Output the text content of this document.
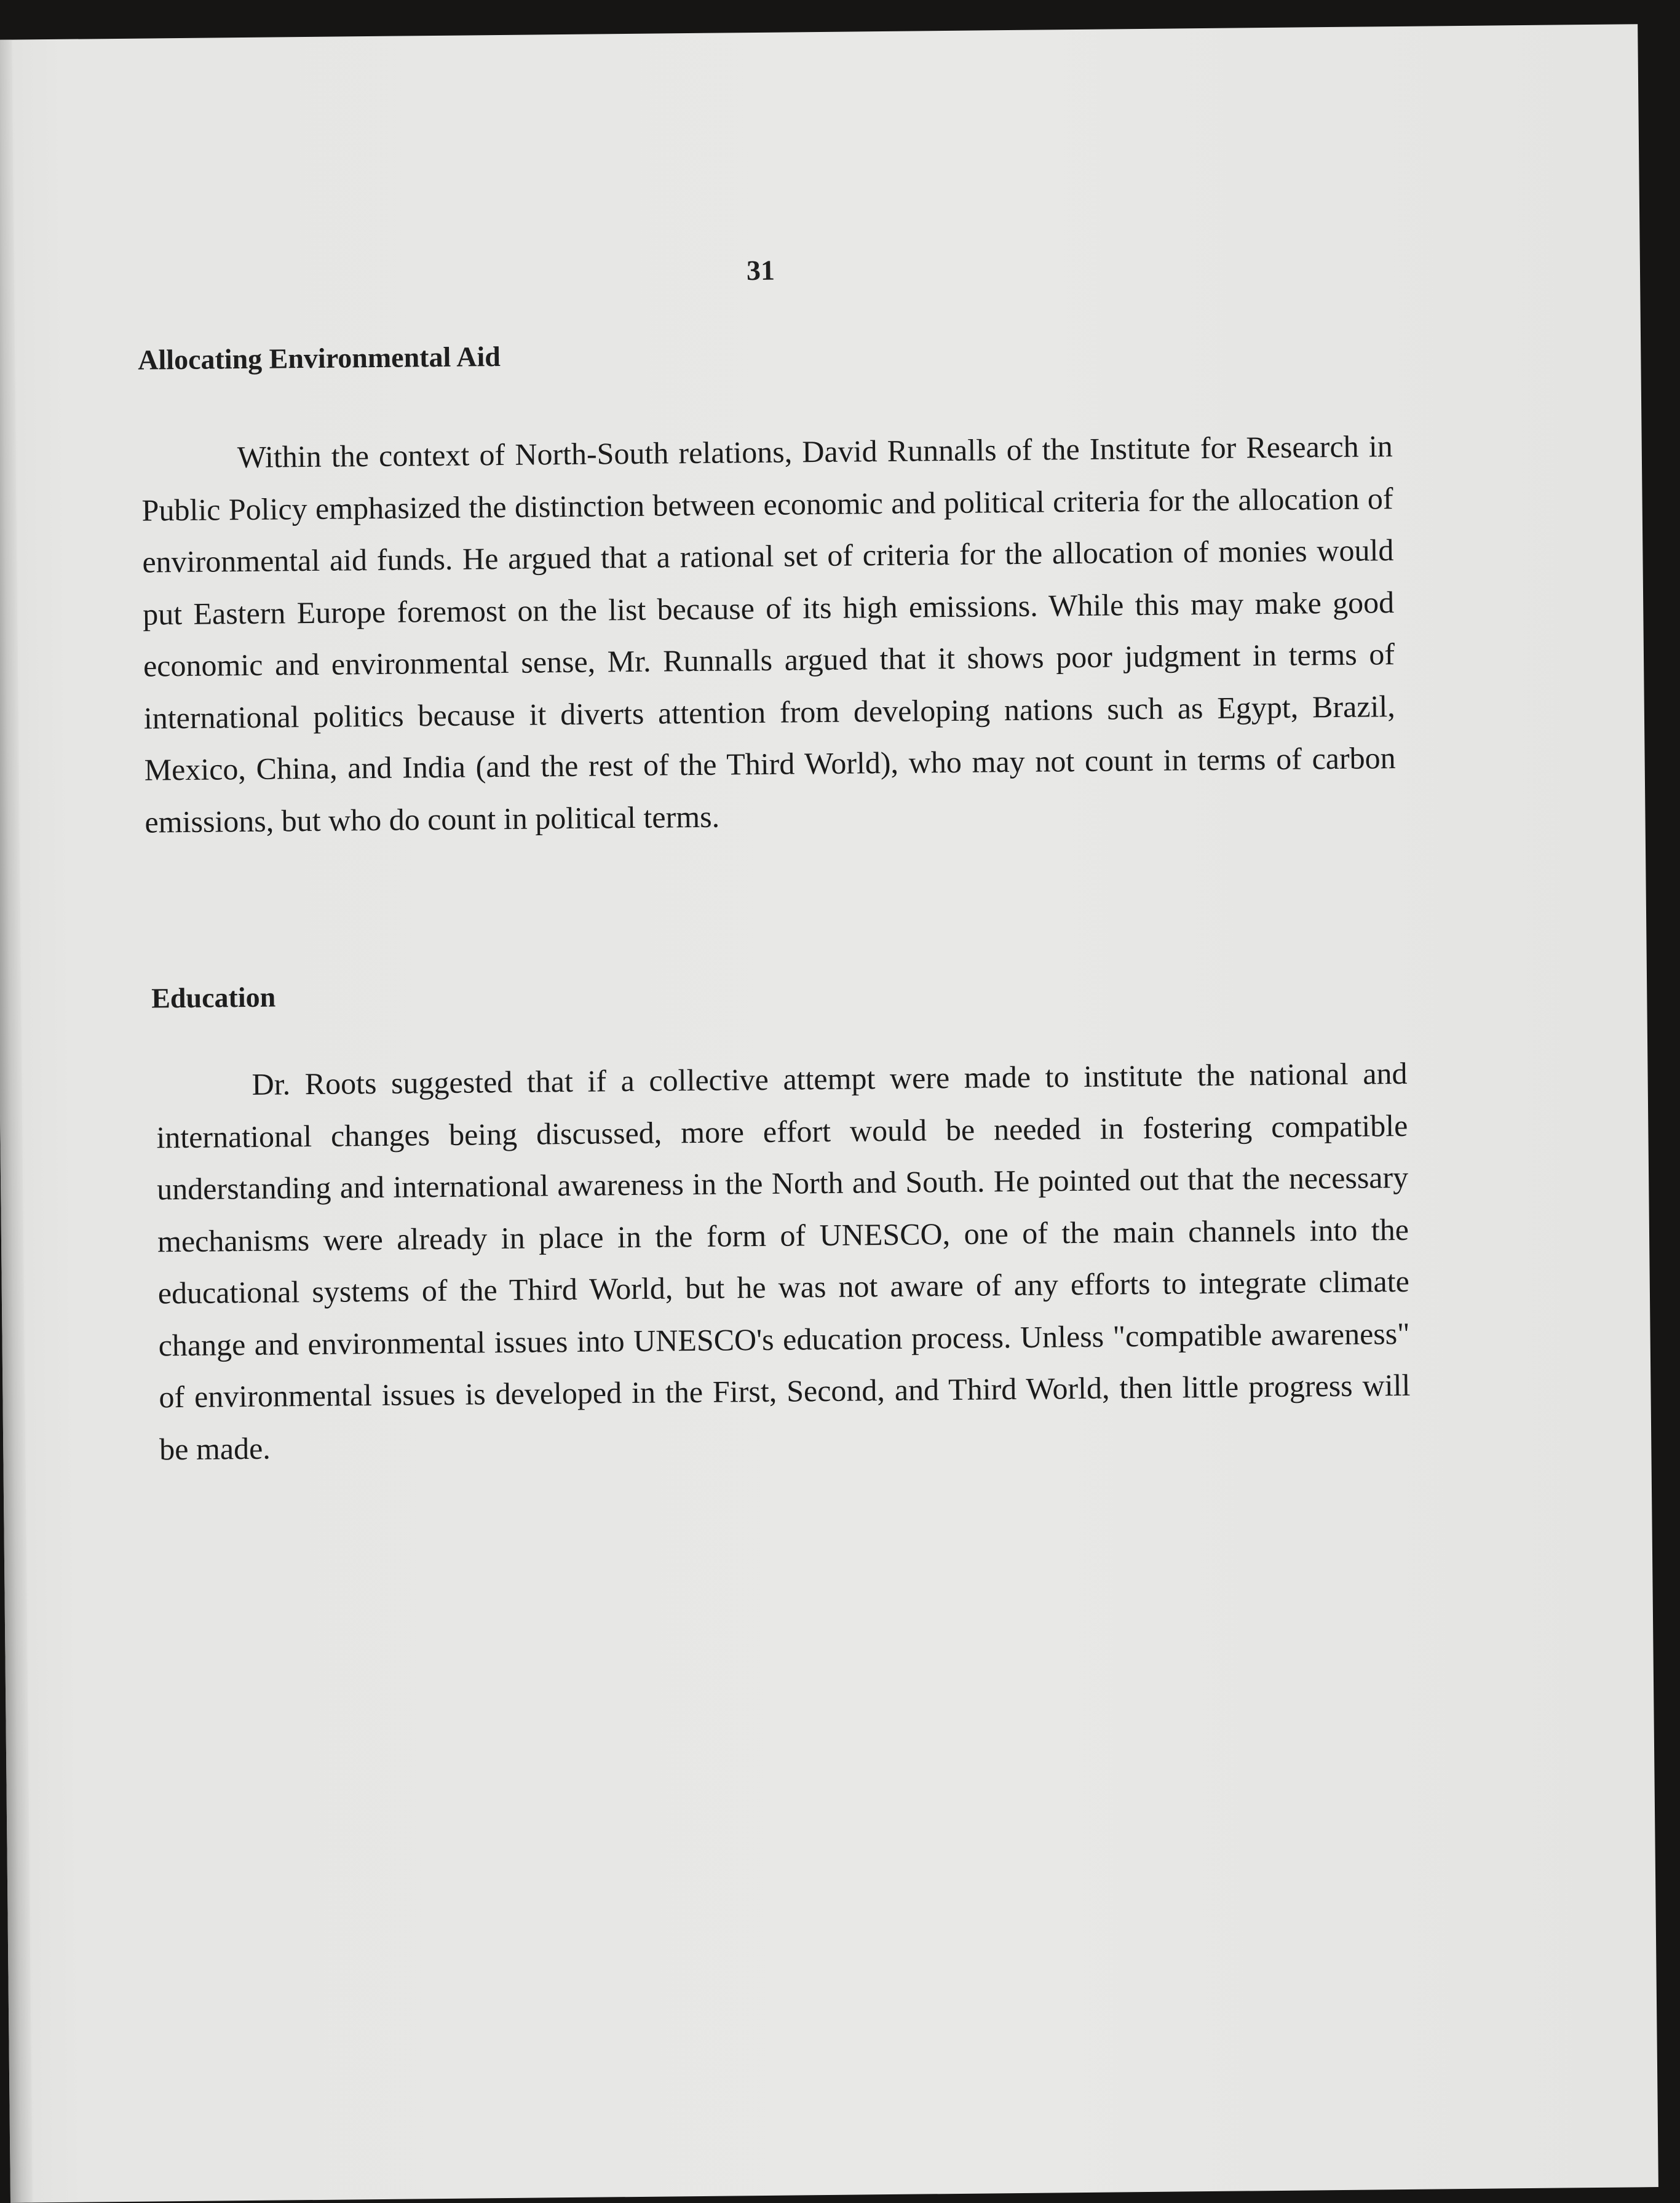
31
Allocating Environmental Aid

Within the context of North-South relations, David Runnalls of the Institute for Research in Public Policy emphasized the distinction between economic and political criteria for the allocation of environmental aid funds. He argued that a rational set of criteria for the allocation of monies would put Eastern Europe foremost on the list because of its high emissions. While this may make good economic and environmental sense, Mr. Runnalls argued that it shows poor judgment in terms of international politics because it diverts attention from developing nations such as Egypt, Brazil, Mexico, China, and India (and the rest of the Third World), who may not count in terms of carbon emissions, but who do count in political terms.

Education

Dr. Roots suggested that if a collective attempt were made to institute the national and international changes being discussed, more effort would be needed in fostering compatible understanding and international awareness in the North and South. He pointed out that the necessary mechanisms were already in place in the form of UNESCO, one of the main channels into the educational systems of the Third World, but he was not aware of any efforts to integrate climate change and environmental issues into UNESCO's education process. Unless "compatible awareness" of environmental issues is developed in the First, Second, and Third World, then little progress will be made.
